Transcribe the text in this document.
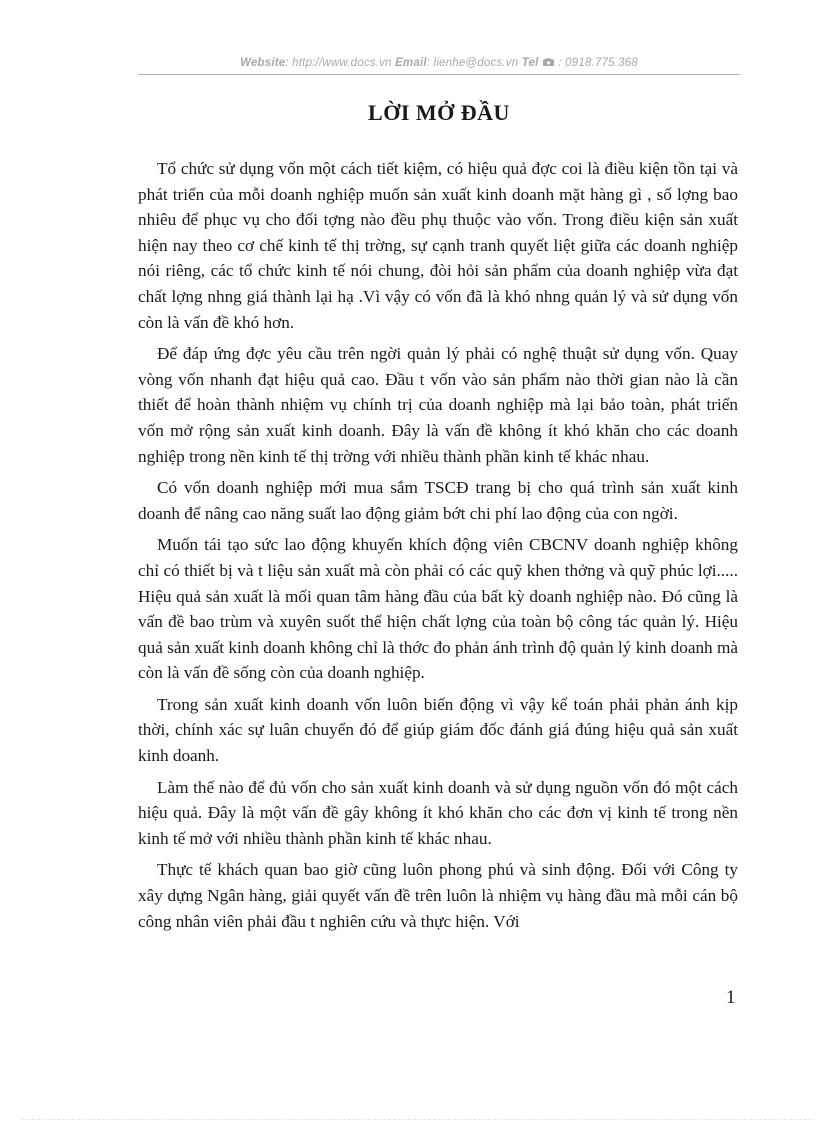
Website: http://www.docs.vn Email: lienhe@docs.vn Tel : 0918.775.368
LỜI MỞ ĐẦU

Tổ chức sử dụng vốn một cách tiết kiệm, có hiệu quả đợc coi là điều kiện tồn tại và phát triển của mỗi doanh nghiệp muốn sản xuất kinh doanh mặt hàng gì , số lợng bao nhiêu để phục vụ cho đối tợng nào đều phụ thuộc vào vốn. Trong điều kiện sản xuất hiện nay theo cơ chế kinh tế thị trờng, sự cạnh tranh quyết liệt giữa các doanh nghiệp nói riêng, các tổ chức kinh tế nói chung, đòi hỏi sản phẩm của doanh nghiệp vừa đạt chất lợng nhng giá thành lại hạ .Vì vậy có vốn đã là khó nhng quản lý và sử dụng vốn còn là vấn đề khó hơn.

Để đáp ứng đợc yêu cầu trên ngời quản lý phải có nghệ thuật sử dụng vốn. Quay vòng vốn nhanh đạt hiệu quả cao. Đầu t vốn vào sản phẩm nào thời gian nào là cần thiết để hoàn thành nhiệm vụ chính trị của doanh nghiệp mà lại bảo toàn, phát triển vốn mở rộng sản xuất kinh doanh. Đây là vấn đề không ít khó khăn cho các doanh nghiệp trong nền kinh tế thị trờng với nhiều thành phần kinh tế khác nhau.

Có vốn doanh nghiệp mới mua sắm TSCĐ trang bị cho quá trình sản xuất kinh doanh để nâng cao năng suất lao động giảm bớt chi phí lao động của con ngời.

Muốn tái tạo sức lao động khuyến khích động viên CBCNV doanh nghiệp không chỉ có thiết bị và t liệu sản xuất mà còn phải có các quỹ khen thởng và quỹ phúc lợi..... Hiệu quả sản xuất là mối quan tâm hàng đầu của bất kỳ doanh nghiệp nào. Đó cũng là vấn đề bao trùm và xuyên suốt thể hiện chất lợng của toàn bộ công tác quản lý. Hiệu quả sản xuất kinh doanh không chỉ là thớc đo phản ánh trình độ quản lý kinh doanh mà còn là vấn đề sống còn của doanh nghiệp.

Trong sản xuất kinh doanh vốn luôn biến động vì vậy kế toán phải phản ánh kịp thời, chính xác sự luân chuyển đó để giúp giám đốc đánh giá đúng hiệu quả sản xuất kinh doanh.

Làm thế nào để đủ vốn cho sản xuất kinh doanh và sử dụng nguồn vốn đó một cách hiệu quả. Đây là một vấn đề gây không ít khó khăn cho các đơn vị kinh tế trong nền kinh tế mở với nhiều thành phần kinh tế khác nhau.

Thực tế khách quan bao giờ cũng luôn phong phú và sinh động. Đối với Công ty xây dựng Ngân hàng, giải quyết vấn đề trên luôn là nhiệm vụ hàng đầu mà mỗi cán bộ công nhân viên phải đầu t nghiên cứu và thực hiện. Với

1
